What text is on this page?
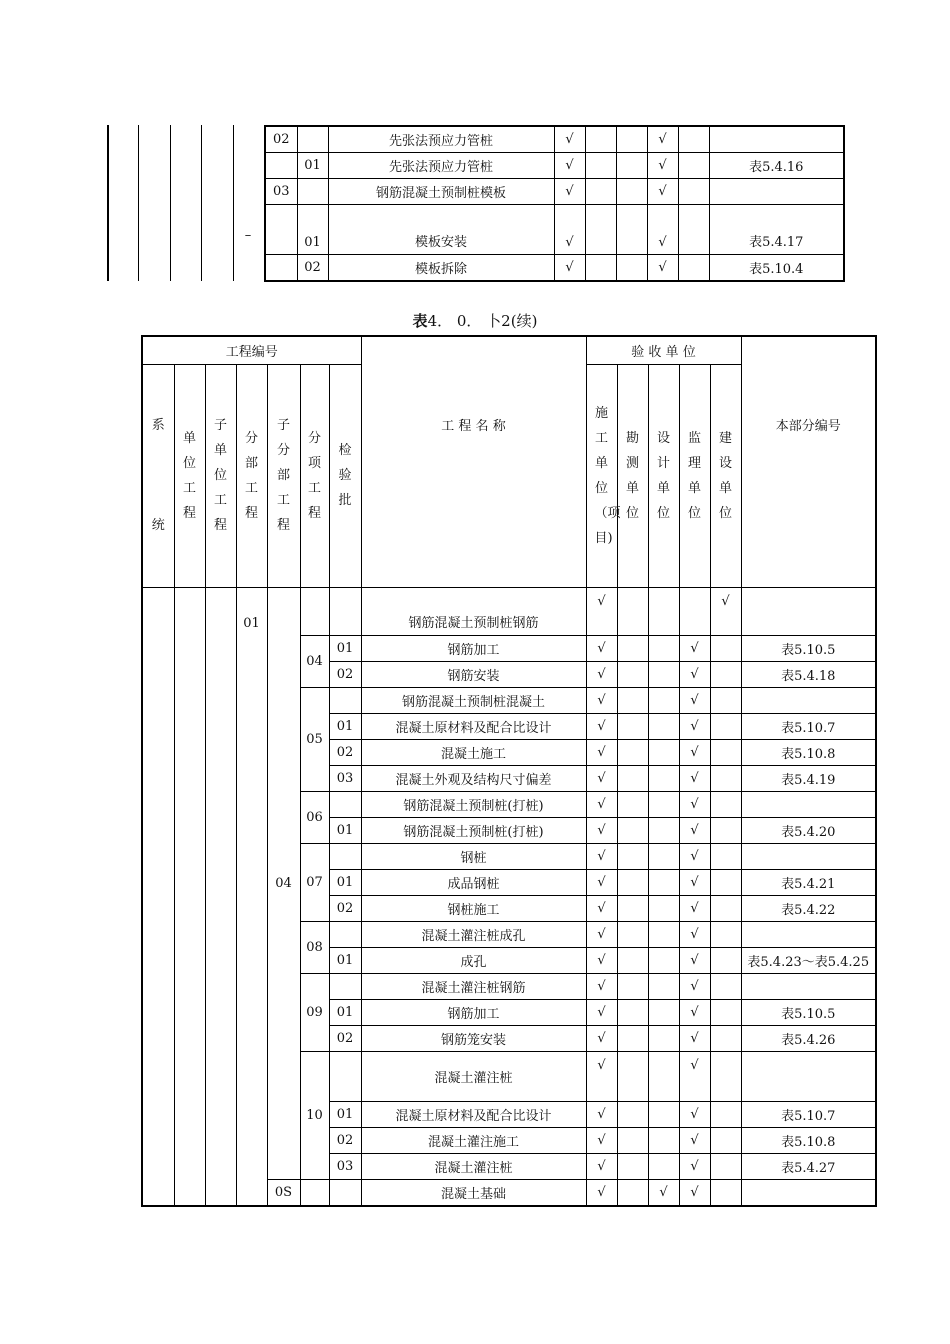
–
02		先张法预应力管桩	√			√		
	01	先张法预应力管桩	√			√		表5.4.16
03		钢筋混凝土预制桩模板	√			√		
	01	模板安装	√			√		表5.4.17
	02	模板拆除	√			√		表5.10.4
表4． 0． 卜2(续)
工程编号							工 程 名 称	验 收 单 位					本部分编号

系统	单位工程	子单位工程	分部工程	子分部工程	分项工程	检验批		施工单位（项目)	勘测单位	设计单位	监理单位	建设单位	

			01	04			钢筋混凝土预制桩钢筋	√				√	
					04	01	钢筋加工	√			√		表5.10.5
						02	钢筋安装	√			√		表5.4.18
					05		钢筋混凝土预制桩混凝土	√			√		
						01	混凝土原材料及配合比设计	√			√		表5.10.7
						02	混凝土施工	√			√		表5.10.8
						03	混凝土外观及结构尺寸偏差	√			√		表5.4.19
					06		钢筋混凝土预制桩(打桩)	√			√		
						01	钢筋混凝土预制桩(打桩)	√			√		表5.4.20
					07		钢桩	√			√		
						01	成品钢桩	√			√		表5.4.21
						02	钢桩施工	√			√		表5.4.22
					08		混凝土灌注桩成孔	√			√		
						01	成孔	√			√		表5.4.23～表5.4.25
					09		混凝土灌注桩钢筋	√			√		
						01	钢筋加工	√			√		表5.10.5
						02	钢筋笼安装	√			√		表5.4.26
					10		混凝土灌注桩	√			√		
						01	混凝土原材料及配合比设计	√			√		表5.10.7
						02	混凝土灌注施工	√			√		表5.10.8
						03	混凝土灌注桩	√			√		表5.4.27
				0S			混凝土基础	√		√	√		
